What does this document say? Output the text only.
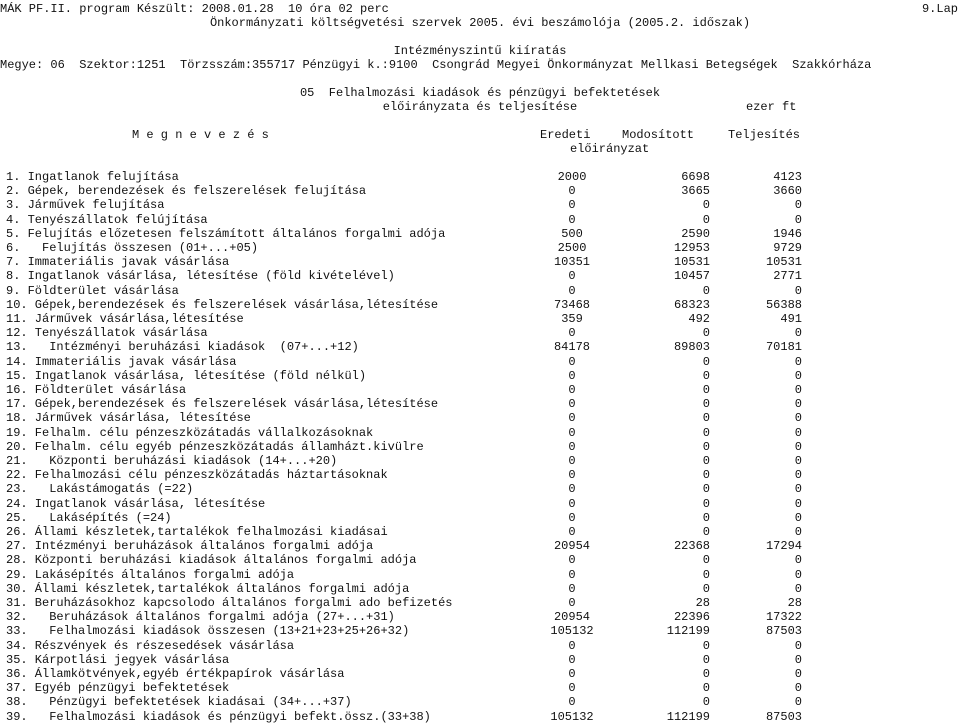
MÁK PF.II. program Készült: 2008.01.28  10 óra 02 perc	9.Lap
Önkormányzati költségvetési szervek 2005. évi beszámolója (2005.2. időszak)
Intézményszintű kiíratás
Megye: 06  Szektor:1251  Törzsszám:355717 Pénzügyi k.:9100  Csongrád Megyei Önkormányzat Mellkasi Betegségek  Szakkórháza
05  Felhalmozási kiadások és pénzügyi befektetések
előirányzata és teljesítése	ezer ft
M e g n e v e z é s	Eredeti	Modosított	Teljesítés
előirányzat
1. Ingatlanok felujítása	2000	6698	4123
2. Gépek, berendezések és felszerelések felujítása	0	3665	3660
3. Járművek felujítása	0	0	0
4. Tenyészállatok felújítása	0	0	0
5. Felujítás előzetesen felszámított általános forgalmi adója	500	2590	1946
6.   Felujítás összesen (01+...+05)	2500	12953	9729
7. Immateriális javak vásárlása	10351	10531	10531
8. Ingatlanok vásárlása, létesítése (föld kivételével)	0	10457	2771
9. Földterület vásárlása	0	0	0
10. Gépek,berendezések és felszerelések vásárlása,létesítése	73468	68323	56388
11. Járművek vásárlása,létesítése	359	492	491
12. Tenyészállatok vásárlása	0	0	0
13.   Intézményi beruházási kiadások  (07+...+12)	84178	89803	70181
14. Immateriális javak vásárlása	0	0	0
15. Ingatlanok vásárlása, létesítése (föld nélkül)	0	0	0
16. Földterület vásárlása	0	0	0
17. Gépek,berendezések és felszerelések vásárlása,létesítése	0	0	0
18. Járművek vásárlása, létesítése	0	0	0
19. Felhalm. célu pénzeszközátadás vállalkozásoknak	0	0	0
20. Felhalm. célu egyéb pénzeszközátadás államházt.kivülre	0	0	0
21.   Központi beruházási kiadások (14+...+20)	0	0	0
22. Felhalmozási célu pénzeszközátadás háztartásoknak	0	0	0
23.   Lakástámogatás (=22)	0	0	0
24. Ingatlanok vásárlása, létesítése	0	0	0
25.   Lakásépítés (=24)	0	0	0
26. Állami készletek,tartalékok felhalmozási kiadásai	0	0	0
27. Intézményi beruházások általános forgalmi adója	20954	22368	17294
28. Központi beruházási kiadások általános forgalmi adója	0	0	0
29. Lakásépítés általános forgalmi adója	0	0	0
30. Állami készletek,tartalékok általános forgalmi adója	0	0	0
31. Beruházásokhoz kapcsolodo általános forgalmi ado befizetés	0	28	28
32.   Beruházások általános forgalmi adója (27+...+31)	20954	22396	17322
33.   Felhalmozási kiadások összesen (13+21+23+25+26+32)	105132	112199	87503
34. Részvények és részesedések vásárlása	0	0	0
35. Kárpotlási jegyek vásárlása	0	0	0
36. Államkötvények,egyéb értékpapírok vásárlása	0	0	0
37. Egyéb pénzügyi befektetések	0	0	0
38.   Pénzügyi befektetések kiadásai (34+...+37)	0	0	0
39.   Felhalmozási kiadások és pénzügyi befekt.össz.(33+38)	105132	112199	87503
